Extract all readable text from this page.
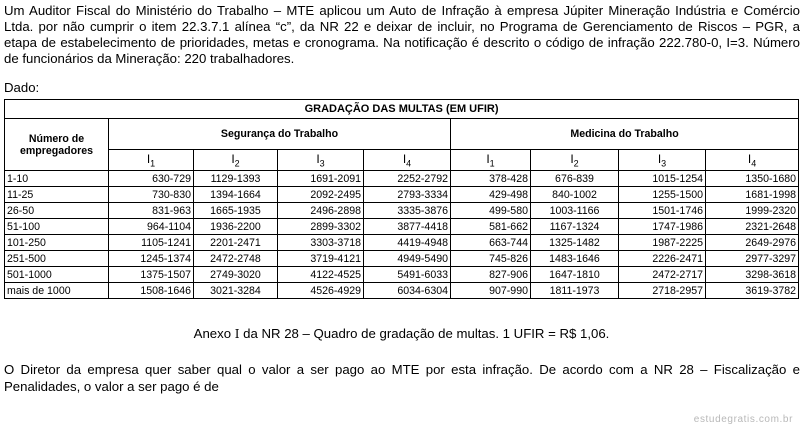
Um Auditor Fiscal do Ministério do Trabalho – MTE aplicou um Auto de Infração à empresa Júpiter Mineração Indústria e Comércio Ltda. por não cumprir o item 22.3.7.1 alínea “c”, da NR 22 e deixar de incluir, no Programa de Gerenciamento de Riscos – PGR, a etapa de estabelecimento de prioridades, metas e cronograma. Na notificação é descrito o código de infração 222.780-0, I=3. Número de funcionários da Mineração: 220 trabalhadores.

Dado:

GRADAÇÃO DAS MULTAS (EM UFIR)								
Número de empregadores	Segurança do Trabalho				Medicina do Trabalho			
	$I_1$	$I_2$	$I_3$	$I_4$	$I_1$	$I_2$	$I_3$	$I_4$
1-10	630-729	1129-1393	1691-2091	2252-2792	378-428	676-839	1015-1254	1350-1680
11-25	730-830	1394-1664	2092-2495	2793-3334	429-498	840-1002	1255-1500	1681-1998
26-50	831-963	1665-1935	2496-2898	3335-3876	499-580	1003-1166	1501-1746	1999-2320
51-100	964-1104	1936-2200	2899-3302	3877-4418	581-662	1167-1324	1747-1986	2321-2648
101-250	1105-1241	2201-2471	3303-3718	4419-4948	663-744	1325-1482	1987-2225	2649-2976
251-500	1245-1374	2472-2748	3719-4121	4949-5490	745-826	1483-1646	2226-2471	2977-3297
501-1000	1375-1507	2749-3020	4122-4525	5491-6033	827-906	1647-1810	2472-2717	3298-3618
mais de 1000	1508-1646	3021-3284	4526-4929	6034-6304	907-990	1811-1973	2718-2957	3619-3782

Anexo I da NR 28 – Quadro de gradação de multas. 1 UFIR = R$ 1,06.

O Diretor da empresa quer saber qual o valor a ser pago ao MTE por esta infração. De acordo com a NR 28 – Fiscalização e Penalidades, o valor a ser pago é de

estudegratis.com.br
